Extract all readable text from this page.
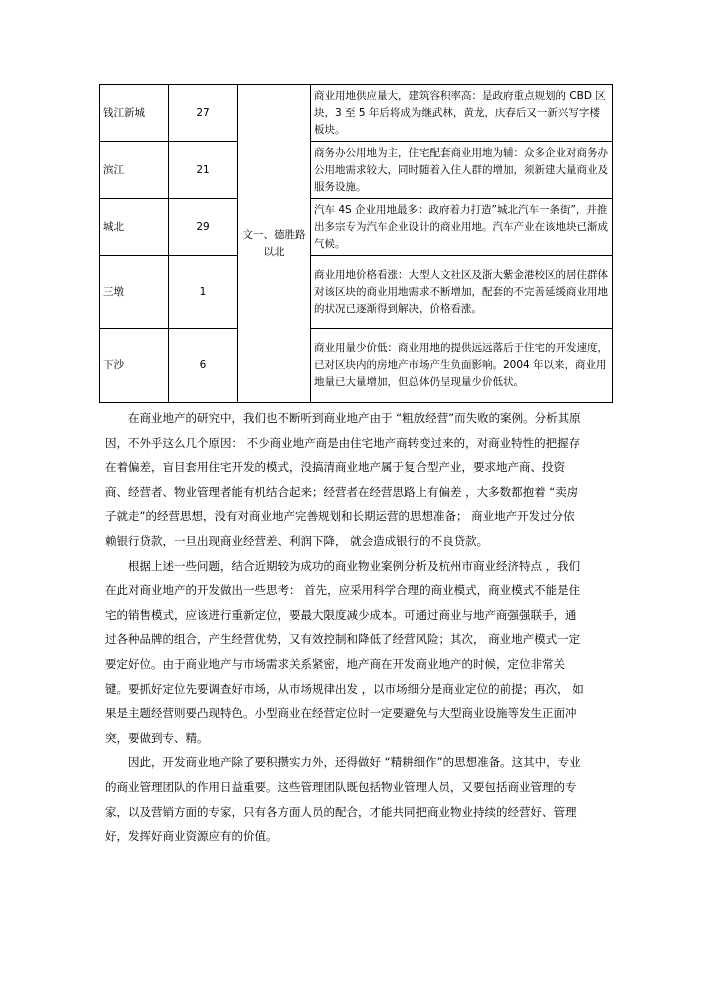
钱江新城	27	文一、德胜路以北	商业用地供应量大，建筑容积率高：是政府重点规划的 CBD 区块，3 至 5 年后将成为继武林，黄龙，庆春后又一新兴写字楼板块。
滨江	21		商务办公用地为主，住宅配套商业用地为辅：众多企业对商务办公用地需求较大，同时随着入住人群的增加，须新建大量商业及服务设施。
城北	29		汽车 4S 企业用地最多：政府着力打造”城北汽车一条街”，并推出多宗专为汽车企业设计的商业用地。汽车产业在该地块已渐成气候。
三墩	1		商业用地价格看涨：大型人文社区及浙大紫金港校区的居住群体对该区块的商业用地需求不断增加，配套的不完善延缓商业用地的状况已逐渐得到解决，价格看涨。
下沙	6		商业用量少价低：商业用地的提供远远落后于住宅的开发速度，已对区块内的房地产市场产生负面影响。2004 年以来，商业用地量已大量增加，但总体仍呈现量少价低状。

在商业地产的研究中，我们也不断听到商业地产由于 “粗放经营”而失败的案例。分析其原因，不外乎这么几个原因： 不少商业地产商是由住宅地产商转变过来的，对商业特性的把握存在着偏差，盲目套用住宅开发的模式，没搞清商业地产属于复合型产业，要求地产商、投资商、经营者、物业管理者能有机结合起来；经营者在经营思路上有偏差 ，大多数都抱着 “卖房子就走”的经营思想，没有对商业地产完善规划和长期运营的思想准备； 商业地产开发过分依赖银行贷款，一旦出现商业经营差、利润下降， 就会造成银行的不良贷款。

根据上述一些问题，结合近期较为成功的商业物业案例分析及杭州市商业经济特点 ，我们在此对商业地产的开发做出一些思考： 首先，应采用科学合理的商业模式，商业模式不能是住宅的销售模式，应该进行重新定位，要最大限度减少成本。可通过商业与地产商强强联手，通过各种品牌的组合，产生经营优势，又有效控制和降低了经营风险；其次， 商业地产模式一定要定好位。由于商业地产与市场需求关系紧密，地产商在开发商业地产的时候，定位非常关键。要抓好定位先要调查好市场，从市场规律出发 ，以市场细分是商业定位的前提；再次， 如果是主题经营则要凸现特色。小型商业在经营定位时一定要避免与大型商业设施等发生正面冲突，要做到专、精。

因此，开发商业地产除了要积攒实力外，还得做好 “精耕细作”的思想准备。这其中，专业的商业管理团队的作用日益重要。这些管理团队既包括物业管理人员，又要包括商业管理的专家，以及营销方面的专家，只有各方面人员的配合，才能共同把商业物业持续的经营好、管理好，发挥好商业资源应有的价值。
